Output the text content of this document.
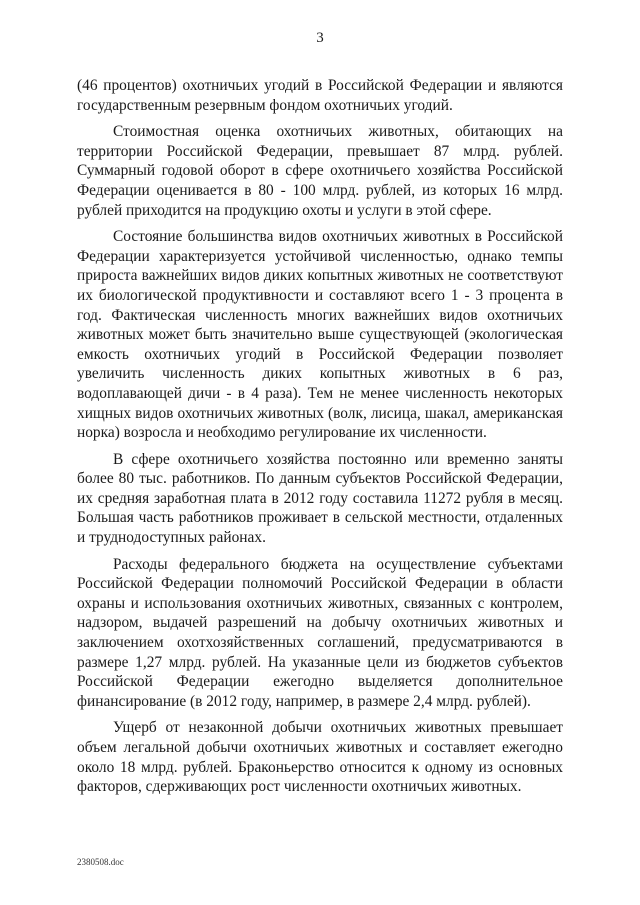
3

(46 процентов) охотничьих угодий в Российской Федерации и являются государственным резервным фондом охотничьих угодий.

Стоимостная оценка охотничьих животных, обитающих на территории Российской Федерации, превышает 87 млрд. рублей. Суммарный годовой оборот в сфере охотничьего хозяйства Российской Федерации оценивается в 80 - 100 млрд. рублей, из которых 16 млрд. рублей приходится на продукцию охоты и услуги в этой сфере.

Состояние большинства видов охотничьих животных в Российской Федерации характеризуется устойчивой численностью, однако темпы прироста важнейших видов диких копытных животных не соответствуют их биологической продуктивности и составляют всего 1 - 3 процента в год. Фактическая численность многих важнейших видов охотничьих животных может быть значительно выше существующей (экологическая емкость охотничьих угодий в Российской Федерации позволяет увеличить численность диких копытных животных в 6 раз, водоплавающей дичи - в 4 раза). Тем не менее численность некоторых хищных видов охотничьих животных (волк, лисица, шакал, американская норка) возросла и необходимо регулирование их численности.

В сфере охотничьего хозяйства постоянно или временно заняты более 80 тыс. работников. По данным субъектов Российской Федерации, их средняя заработная плата в 2012 году составила 11272 рубля в месяц. Большая часть работников проживает в сельской местности, отдаленных и труднодоступных районах.

Расходы федерального бюджета на осуществление субъектами Российской Федерации полномочий Российской Федерации в области охраны и использования охотничьих животных, связанных с контролем, надзором, выдачей разрешений на добычу охотничьих животных и заключением охотхозяйственных соглашений, предусматриваются в размере 1,27 млрд. рублей. На указанные цели из бюджетов субъектов Российской Федерации ежегодно выделяется дополнительное финансирование (в 2012 году, например, в размере 2,4 млрд. рублей).

Ущерб от незаконной добычи охотничьих животных превышает объем легальной добычи охотничьих животных и составляет ежегодно около 18 млрд. рублей. Браконьерство относится к одному из основных факторов, сдерживающих рост численности охотничьих животных.

2380508.doc
